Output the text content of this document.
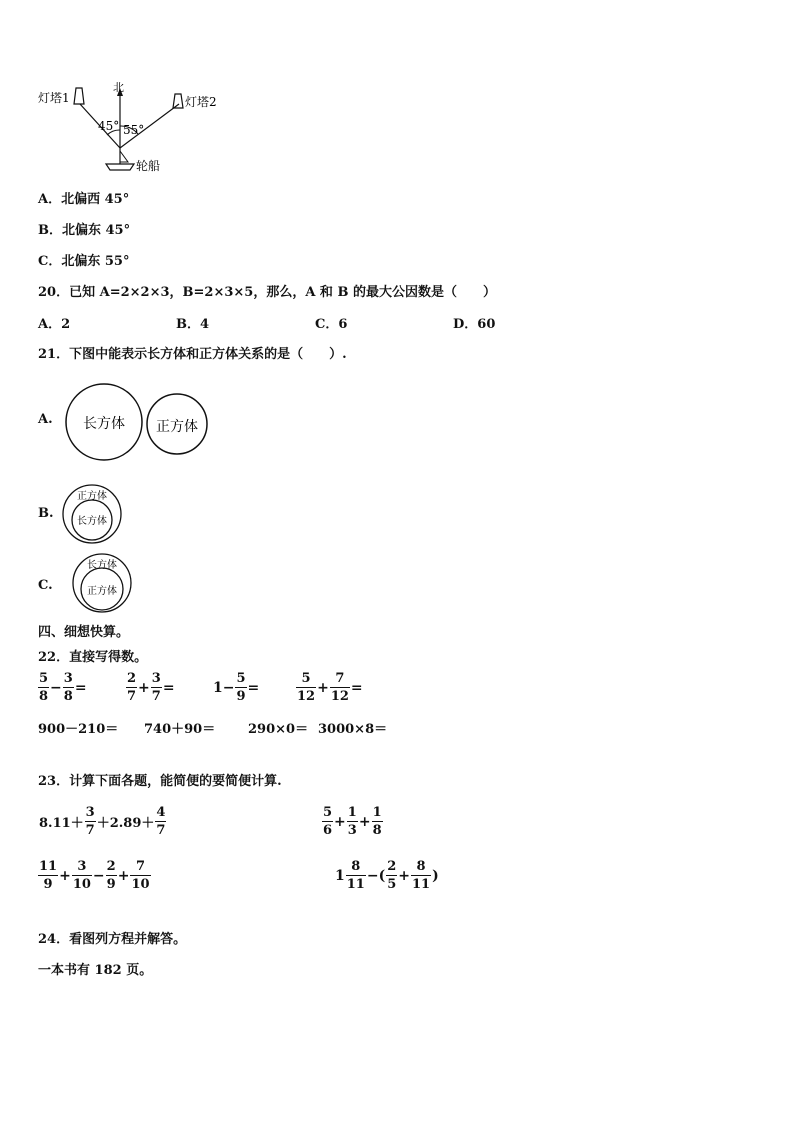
灯塔1	灯塔2
北
45° 55°
轮船
A．北偏西 45°
B．北偏东 45°
C．北偏东 55°
20．已知 A=2×2×3，B=2×3×5，那么，A 和 B 的最大公因数是（　　）
A．2	B．4	C．6	D．60
21．下图中能表示长方体和正方体关系的是（　　）.
A. 长方体 正方体
B.
正方体
长方体
C.
长方体
正方体
四、细想快算。
22．直接写得数。
$\frac{5}{8} - \frac{3}{8}$ =	$\frac{2}{7} + \frac{3}{7}$ =	$1- \frac{5}{9}$ =	$\frac{5}{12} + \frac{7}{12}$ =
900－210＝ 740＋90＝	290×0＝ 3000×8＝
23．计算下面各题，能简便的要简便计算.
$8.11+ \frac{3}{7} +2.89+ \frac{4}{7}$	$\frac{5}{6} + \frac{1}{3} + \frac{1}{8}$
$\frac{11}{9} + \frac{3}{10} - \frac{2}{9} + \frac{7}{10}$	$1 \frac{8}{11}$ −( $\frac{2}{5} + \frac{8}{11}$ )
24．看图列方程并解答。
一本书有 182 页。
